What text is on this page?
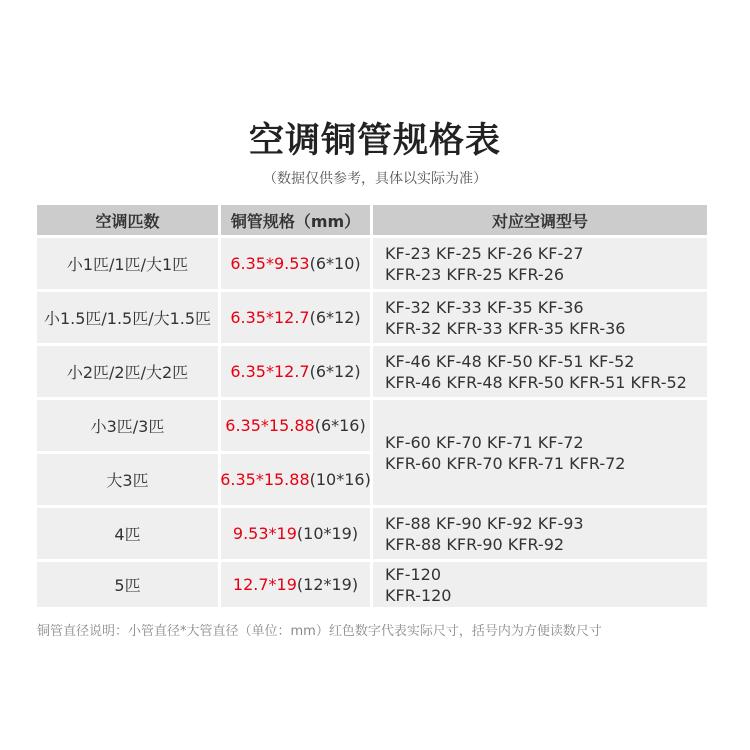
空调铜管规格表
（数据仅供参考，具体以实际为准）
空调匹数	铜管规格（mm）	对应空调型号
小1匹/1匹/大1匹	6.35*9.53 (6*10)
KF-23 KF-25 KF-26 KF-27
KFR-23 KFR-25 KFR-26
小1.5匹/1.5匹/大1.5匹	6.35*12.7 (6*12)
KF-32 KF-33 KF-35 KF-36
KFR-32 KFR-33 KFR-35 KFR-36
小2匹/2匹/大2匹	6.35*12.7 (6*12)
KF-46 KF-48 KF-50 KF-51 KF-52
KFR-46 KFR-48 KFR-50 KFR-51 KFR-52
小3匹/3匹	6.35*15.88 (6*16)
大3匹	6.35*15.88 (10*16)
KF-60 KF-70 KF-71 KF-72
KFR-60 KFR-70 KFR-71 KFR-72
4匹	9.53*19 (10*19)
KF-88 KF-90 KF-92 KF-93
KFR-88 KFR-90 KFR-92
5匹	12.7*19 (12*19)
KF-120
KFR-120
铜管直径说明：小管直径*大管直径（单位：mm）红色数字代表实际尺寸，括号内为方便读数尺寸
